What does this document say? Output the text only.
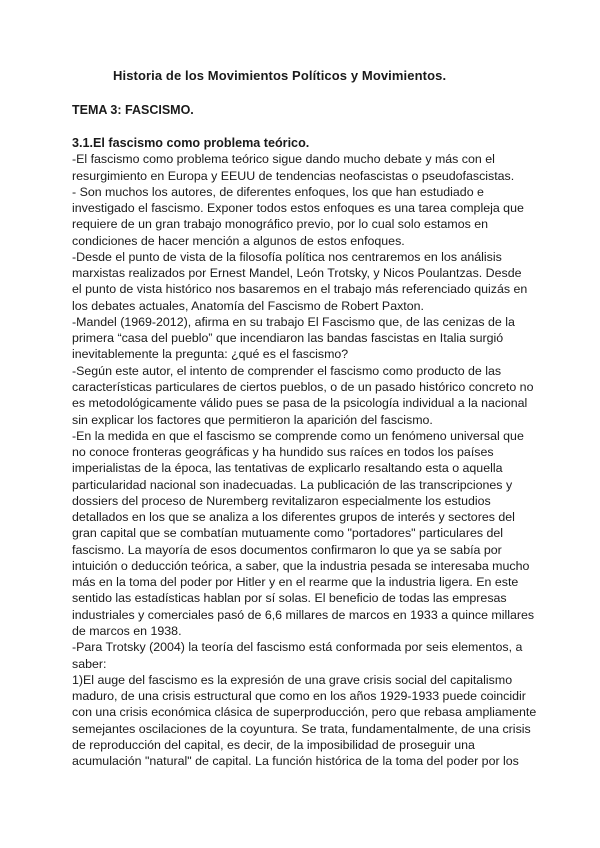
Historia de los Movimientos Políticos y Movimientos.
TEMA 3: FASCISMO.
3.1.El fascismo como problema teórico.
-El fascismo como problema teórico sigue dando mucho debate y más con el
resurgimiento en Europa y EEUU de tendencias neofascistas o pseudofascistas.
- Son muchos los autores, de diferentes enfoques, los que han estudiado e
investigado el fascismo. Exponer todos estos enfoques es una tarea compleja que
requiere de un gran trabajo monográfico previo, por lo cual solo estamos en
condiciones de hacer mención a algunos de estos enfoques.
-Desde el punto de vista de la filosofía política nos centraremos en los análisis
marxistas realizados por Ernest Mandel, León Trotsky, y Nicos Poulantzas. Desde
el punto de vista histórico nos basaremos en el trabajo más referenciado quizás en
los debates actuales, Anatomía del Fascismo de Robert Paxton.
-Mandel (1969-2012), afirma en su trabajo El Fascismo que, de las cenizas de la
primera “casa del pueblo” que incendiaron las bandas fascistas en Italia surgió
inevitablemente la pregunta: ¿qué es el fascismo?
-Según este autor, el intento de comprender el fascismo como producto de las
características particulares de ciertos pueblos, o de un pasado histórico concreto no
es metodológicamente válido pues se pasa de la psicología individual a la nacional
sin explicar los factores que permitieron la aparición del fascismo.
-En la medida en que el fascismo se comprende como un fenómeno universal que
no conoce fronteras geográficas y ha hundido sus raíces en todos los países
imperialistas de la época, las tentativas de explicarlo resaltando esta o aquella
particularidad nacional son inadecuadas. La publicación de las transcripciones y
dossiers del proceso de Nuremberg revitalizaron especialmente los estudios
detallados en los que se analiza a los diferentes grupos de interés y sectores del
gran capital que se combatían mutuamente como "portadores" particulares del
fascismo. La mayoría de esos documentos confirmaron lo que ya se sabía por
intuición o deducción teórica, a saber, que la industria pesada se interesaba mucho
más en la toma del poder por Hitler y en el rearme que la industria ligera. En este
sentido las estadísticas hablan por sí solas. El beneficio de todas las empresas
industriales y comerciales pasó de 6,6 millares de marcos en 1933 a quince millares
de marcos en 1938.
-Para Trotsky (2004) la teoría del fascismo está conformada por seis elementos, a
saber:
1)El auge del fascismo es la expresión de una grave crisis social del capitalismo
maduro, de una crisis estructural que como en los años 1929-1933 puede coincidir
con una crisis económica clásica de superproducción, pero que rebasa ampliamente
semejantes oscilaciones de la coyuntura. Se trata, fundamentalmente, de una crisis
de reproducción del capital, es decir, de la imposibilidad de proseguir una
acumulación "natural" de capital. La función histórica de la toma del poder por los
